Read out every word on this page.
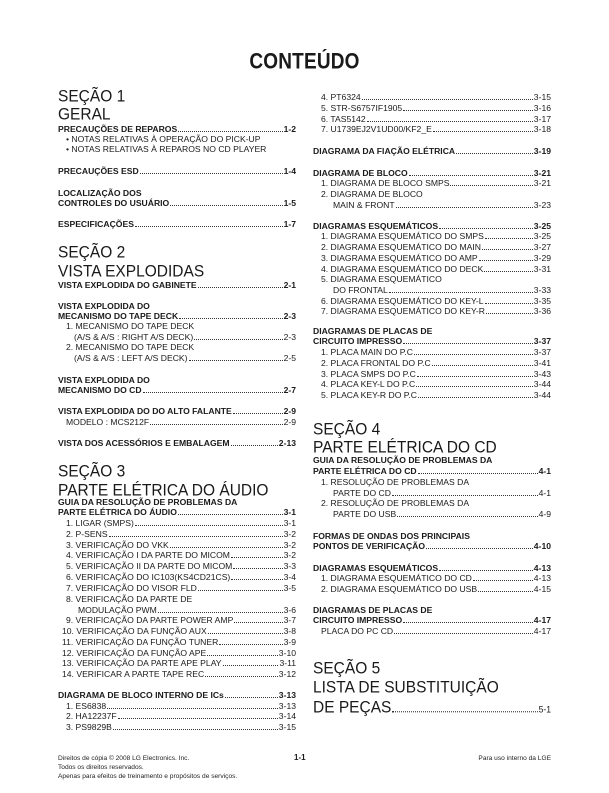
CONTEÚDO
SEÇÃO 1
GERAL
PRECAUÇÕES DE REPAROS	1-2
• NOTAS RELATIVAS À OPERAÇÃO DO PICK-UP
• NOTAS RELATIVAS À REPAROS NO CD PLAYER
PRECAUÇÕES ESD	1-4
LOCALIZAÇÃO DOS
CONTROLES DO USUÁRIO	1-5
ESPECIFICAÇÕES	1-7
SEÇÃO 2
VISTA EXPLODIDAS
VISTA EXPLODIDA DO GABINETE	2-1
VISTA EXPLODIDA DO
MECANISMO DO TAPE DECK	2-3
1. MECANISMO DO TAPE DECK
(A/S & A/S : RIGHT A/S DECK)	2-3
2. MECANISMO DO TAPE DECK
(A/S & A/S : LEFT A/S DECK)	2-5
VISTA EXPLODIDA DO
MECANISMO DO CD	2-7
VISTA EXPLODIDA DO DO ALTO FALANTE	2-9
MODELO : MCS212F	2-9
VISTA DOS ACESSÓRIOS E EMBALAGEM	2-13
SEÇÃO 3
PARTE ELÉTRICA DO ÁUDIO
GUIA DA RESOLUÇÃO DE PROBLEMAS DA
PARTE ELÉTRICA DO ÁUDIO	3-1
1. LIGAR (SMPS)	3-1
2. P-SENS	3-2
3. VERIFICAÇÃO DO VKK	3-2
4. VERIFICAÇÃO I DA PARTE DO MICOM	3-2
5. VERIFICAÇÃO II DA PARTE DO MICOM	3-3
6. VERIFICAÇÃO DO IC103(KS4CD21CS)	3-4
7. VERIFICAÇÃO DO VISOR FLD	3-5
8. VERIFICAÇÃO DA PARTE DE
MODULAÇÃO PWM	3-6
9. VERIFICAÇÃO DA PARTE POWER AMP	3-7
10. VERIFICAÇÃO DA FUNÇÃO AUX	3-8
11. VERIFICAÇÃO DA FUNÇÃO TUNER	3-9
12. VERIFICAÇÃO DA FUNÇÃO APE	3-10
13. VERIFICAÇÃO DA PARTE APE PLAY	3-11
14. VERIFICAR A PARTE TAPE REC	3-12
DIAGRAMA DE BLOCO INTERNO DE ICs	3-13
1. ES6838	3-13
2. HA12237F	3-14
3. PS9829B	3-15
4. PT6324	3-15
5. STR-S6757IF1905	3-16
6. TAS5142	3-17
7. U1739EJ2V1UD00/KF2_E	3-18
DIAGRAMA DA FIAÇÃO ELÉTRICA	3-19
DIAGRAMA DE BLOCO	3-21
1. DIAGRAMA DE BLOCO SMPS	3-21
2. DIAGRAMA DE BLOCO
MAIN & FRONT	3-23
DIAGRAMAS ESQUEMÁTICOS	3-25
1. DIAGRAMA ESQUEMÁTICO DO SMPS	3-25
2. DIAGRAMA ESQUEMÁTICO DO MAIN	3-27
3. DIAGRAMA ESQUEMÁTICO DO AMP	3-29
4. DIAGRAMA ESQUEMÁTICO DO DECK	3-31
5. DIAGRAMA ESQUEMÁTICO
DO FRONTAL	3-33
6. DIAGRAMA ESQUEMÁTICO DO KEY-L	3-35
7. DIAGRAMA ESQUEMÁTICO DO KEY-R	3-36
DIAGRAMAS DE PLACAS DE
CIRCUITO IMPRESSO	3-37
1. PLACA MAIN DO P.C	3-37
2. PLACA FRONTAL DO P.C	3-41
3. PLACA SMPS DO P.C	3-43
4. PLACA KEY-L DO P.C	3-44
5. PLACA KEY-R DO P.C	3-44
SEÇÃO 4
PARTE ELÉTRICA DO CD
GUIA DA RESOLUÇÃO DE PROBLEMAS DA
PARTE ELÉTRICA DO CD	4-1
1. RESOLUÇÃO DE PROBLEMAS DA
PARTE DO CD	4-1
2. RESOLUÇÃO DE PROBLEMAS DA
PARTE DO USB	4-9
FORMAS DE ONDAS DOS PRINCIPAIS
PONTOS DE VERIFICAÇÃO	4-10
DIAGRAMAS ESQUEMÁTICOS	4-13
1. DIAGRAMA ESQUEMÁTICO DO CD	4-13
2. DIAGRAMA ESQUEMÁTICO DO USB	4-15
DIAGRAMAS DE PLACAS DE
CIRCUITO IMPRESSO	4-17
PLACA DO PC CD	4-17
SEÇÃO 5
LISTA DE SUBSTITUIÇÃO
DE PEÇAS	5-1
Direitos de cópia © 2008 LG Electronics. Inc.
Todos os direitos reservados.
Apenas para efeitos de treinamento e propósitos de serviços.
1-1	Para uso interno da LGE
